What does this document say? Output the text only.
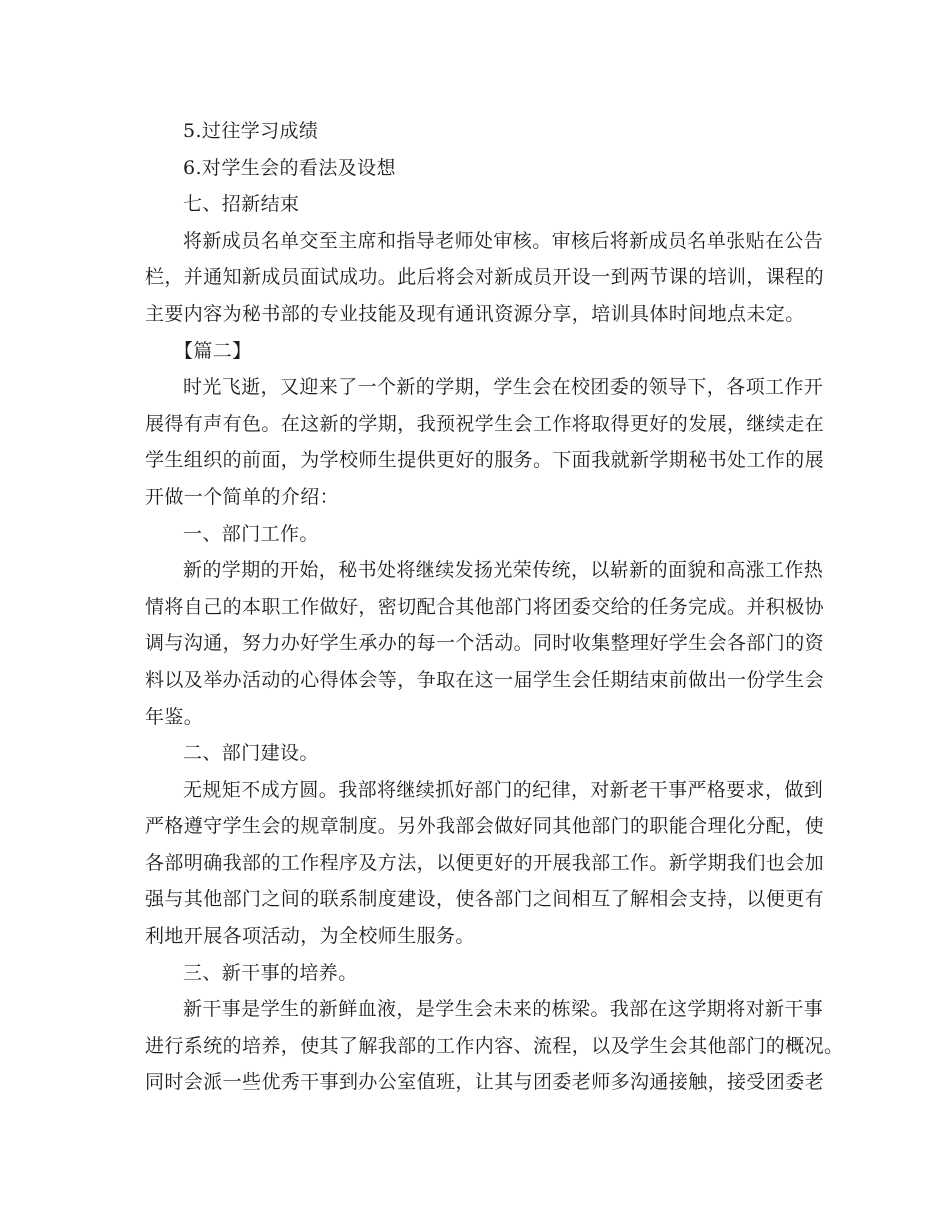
5.过往学习成绩
6.对学生会的看法及设想
七、招新结束
将新成员名单交至主席和指导老师处审核。审核后将新成员名单张贴在公告
栏，并通知新成员面试成功。此后将会对新成员开设一到两节课的培训，课程的
主要内容为秘书部的专业技能及现有通讯资源分享，培训具体时间地点未定。
【篇二】
时光飞逝，又迎来了一个新的学期，学生会在校团委的领导下，各项工作开
展得有声有色。在这新的学期，我预祝学生会工作将取得更好的发展，继续走在
学生组织的前面，为学校师生提供更好的服务。下面我就新学期秘书处工作的展
开做一个简单的介绍：
一、部门工作。
新的学期的开始，秘书处将继续发扬光荣传统，以崭新的面貌和高涨工作热
情将自己的本职工作做好，密切配合其他部门将团委交给的任务完成。并积极协
调与沟通，努力办好学生承办的每一个活动。同时收集整理好学生会各部门的资
料以及举办活动的心得体会等，争取在这一届学生会任期结束前做出一份学生会
年鉴。
二、部门建设。
无规矩不成方圆。我部将继续抓好部门的纪律，对新老干事严格要求，做到
严格遵守学生会的规章制度。另外我部会做好同其他部门的职能合理化分配，使
各部明确我部的工作程序及方法，以便更好的开展我部工作。新学期我们也会加
强与其他部门之间的联系制度建设，使各部门之间相互了解相会支持，以便更有
利地开展各项活动，为全校师生服务。
三、新干事的培养。
新干事是学生的新鲜血液，是学生会未来的栋梁。我部在这学期将对新干事
进行系统的培养，使其了解我部的工作内容、流程，以及学生会其他部门的概况。
同时会派一些优秀干事到办公室值班，让其与团委老师多沟通接触，接受团委老
